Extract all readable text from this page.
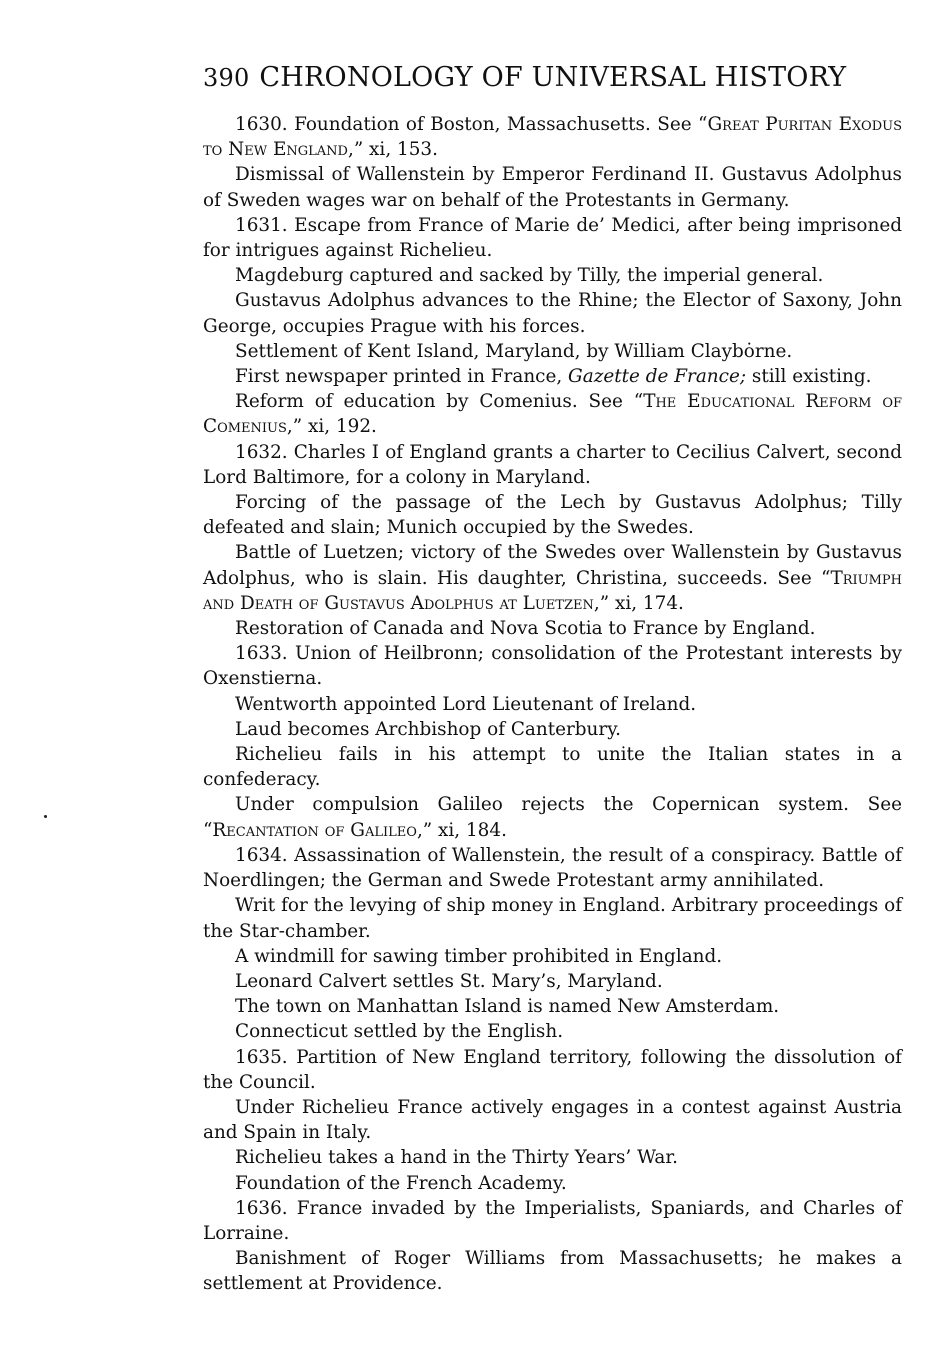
390 CHRONOLOGY OF UNIVERSAL HISTORY

1630. Foundation of Boston, Massachusetts. See “Great Puritan Exodus to New England,” xi, 153.

Dismissal of Wallenstein by Emperor Ferdinand II. Gustavus Adolphus of Sweden wages war on behalf of the Protestants in Germany.

1631. Escape from France of Marie de’ Medici, after being imprisoned for intrigues against Richelieu.

Magdeburg captured and sacked by Tilly, the imperial general.

Gustavus Adolphus advances to the Rhine; the Elector of Saxony, John George, occupies Prague with his forces.

Settlement of Kent Island, Maryland, by William Claybȯrne.

First newspaper printed in France, Gazette de France; still existing.

Reform of education by Comenius. See “The Educational Reform of Comenius,” xi, 192.

1632. Charles I of England grants a charter to Cecilius Calvert, second Lord Baltimore, for a colony in Maryland.

Forcing of the passage of the Lech by Gustavus Adolphus; Tilly defeated and slain; Munich occupied by the Swedes.

Battle of Luetzen; victory of the Swedes over Wallenstein by Gustavus Adolphus, who is slain. His daughter, Christina, succeeds. See “Triumph and Death of Gustavus Adolphus at Luetzen,” xi, 174.

Restoration of Canada and Nova Scotia to France by England.

1633. Union of Heilbronn; consolidation of the Protestant interests by Oxenstierna.

Wentworth appointed Lord Lieutenant of Ireland.

Laud becomes Archbishop of Canterbury.

Richelieu fails in his attempt to unite the Italian states in a confederacy.

Under compulsion Galileo rejects the Copernican system. See “Recantation of Galileo,” xi, 184.

1634. Assassination of Wallenstein, the result of a conspiracy. Battle of Noerdlingen; the German and Swede Protestant army annihilated.

Writ for the levying of ship money in England. Arbitrary proceedings of the Star-chamber.

A windmill for sawing timber prohibited in England.

Leonard Calvert settles St. Mary’s, Maryland.

The town on Manhattan Island is named New Amsterdam.

Connecticut settled by the English.

1635. Partition of New England territory, following the dissolution of the Council.

Under Richelieu France actively engages in a contest against Austria and Spain in Italy.

Richelieu takes a hand in the Thirty Years’ War.

Foundation of the French Academy.

1636. France invaded by the Imperialists, Spaniards, and Charles of Lorraine.

Banishment of Roger Williams from Massachusetts; he makes a settlement at Providence.
